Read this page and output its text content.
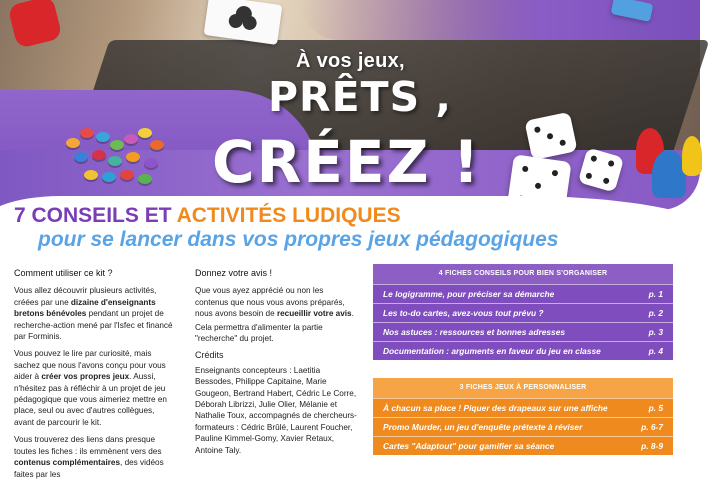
À vos jeux,
PRÊTS ,
CRÉEZ !
7 CONSEILS ET ACTIVITÉS LUDIQUES
pour se lancer dans vos propres jeux pédagogiques
Comment utiliser ce kit ?

Vous allez découvrir plusieurs activités, créées par une dizaine d'enseignants bretons bénévoles pendant un projet de recherche-action mené par l'Isfec et financé par Forminis.

Vous pouvez le lire par curiosité, mais sachez que nous l'avons conçu pour vous aider à créer vos propres jeux. Aussi, n'hésitez pas à réfléchir à un projet de jeu pédagogique que vous aimeriez mettre en place, seul ou avec d'autres collègues, avant de parcourir le kit.

Vous trouverez des liens dans presque toutes les fiches : ils emmènent vers des contenus complémentaires, des vidéos faites par les

Donnez votre avis !

Que vous ayez apprécié ou non les contenus que nous vous avons préparés, nous avons besoin de recueillir votre avis.

Cela permettra d'alimenter la partie "recherche" du projet.

Crédits

Enseignants concepteurs : Laetitia Bessodes, Philippe Capitaine, Marie Gougeon, Bertrand Habert, Cédric Le Corre, Déborah Librizzi, Julie Olier, Mélanie et Nathalie Toux, accompagnés de chercheurs-formateurs : Cédric Brûlé, Laurent Foucher, Pauline Kimmel-Gomy, Xavier Retaux, Antoine Taly.

4 FICHES CONSEILS POUR BIEN S'ORGANISER
Le logigramme, pour préciser sa démarche	p. 1
Les to-do cartes, avez-vous tout prévu ?	p. 2
Nos astuces : ressources et bonnes adresses	p. 3
Documentation : arguments en faveur du jeu en classe	p. 4
3 FICHES JEUX À PERSONNALISER
À chacun sa place ! Piquer des drapeaux sur une affiche	p. 5
Promo Murder, un jeu d'enquête prétexte à réviser	p. 6-7
Cartes "Adaptout" pour gamifier sa séance	p. 8-9
